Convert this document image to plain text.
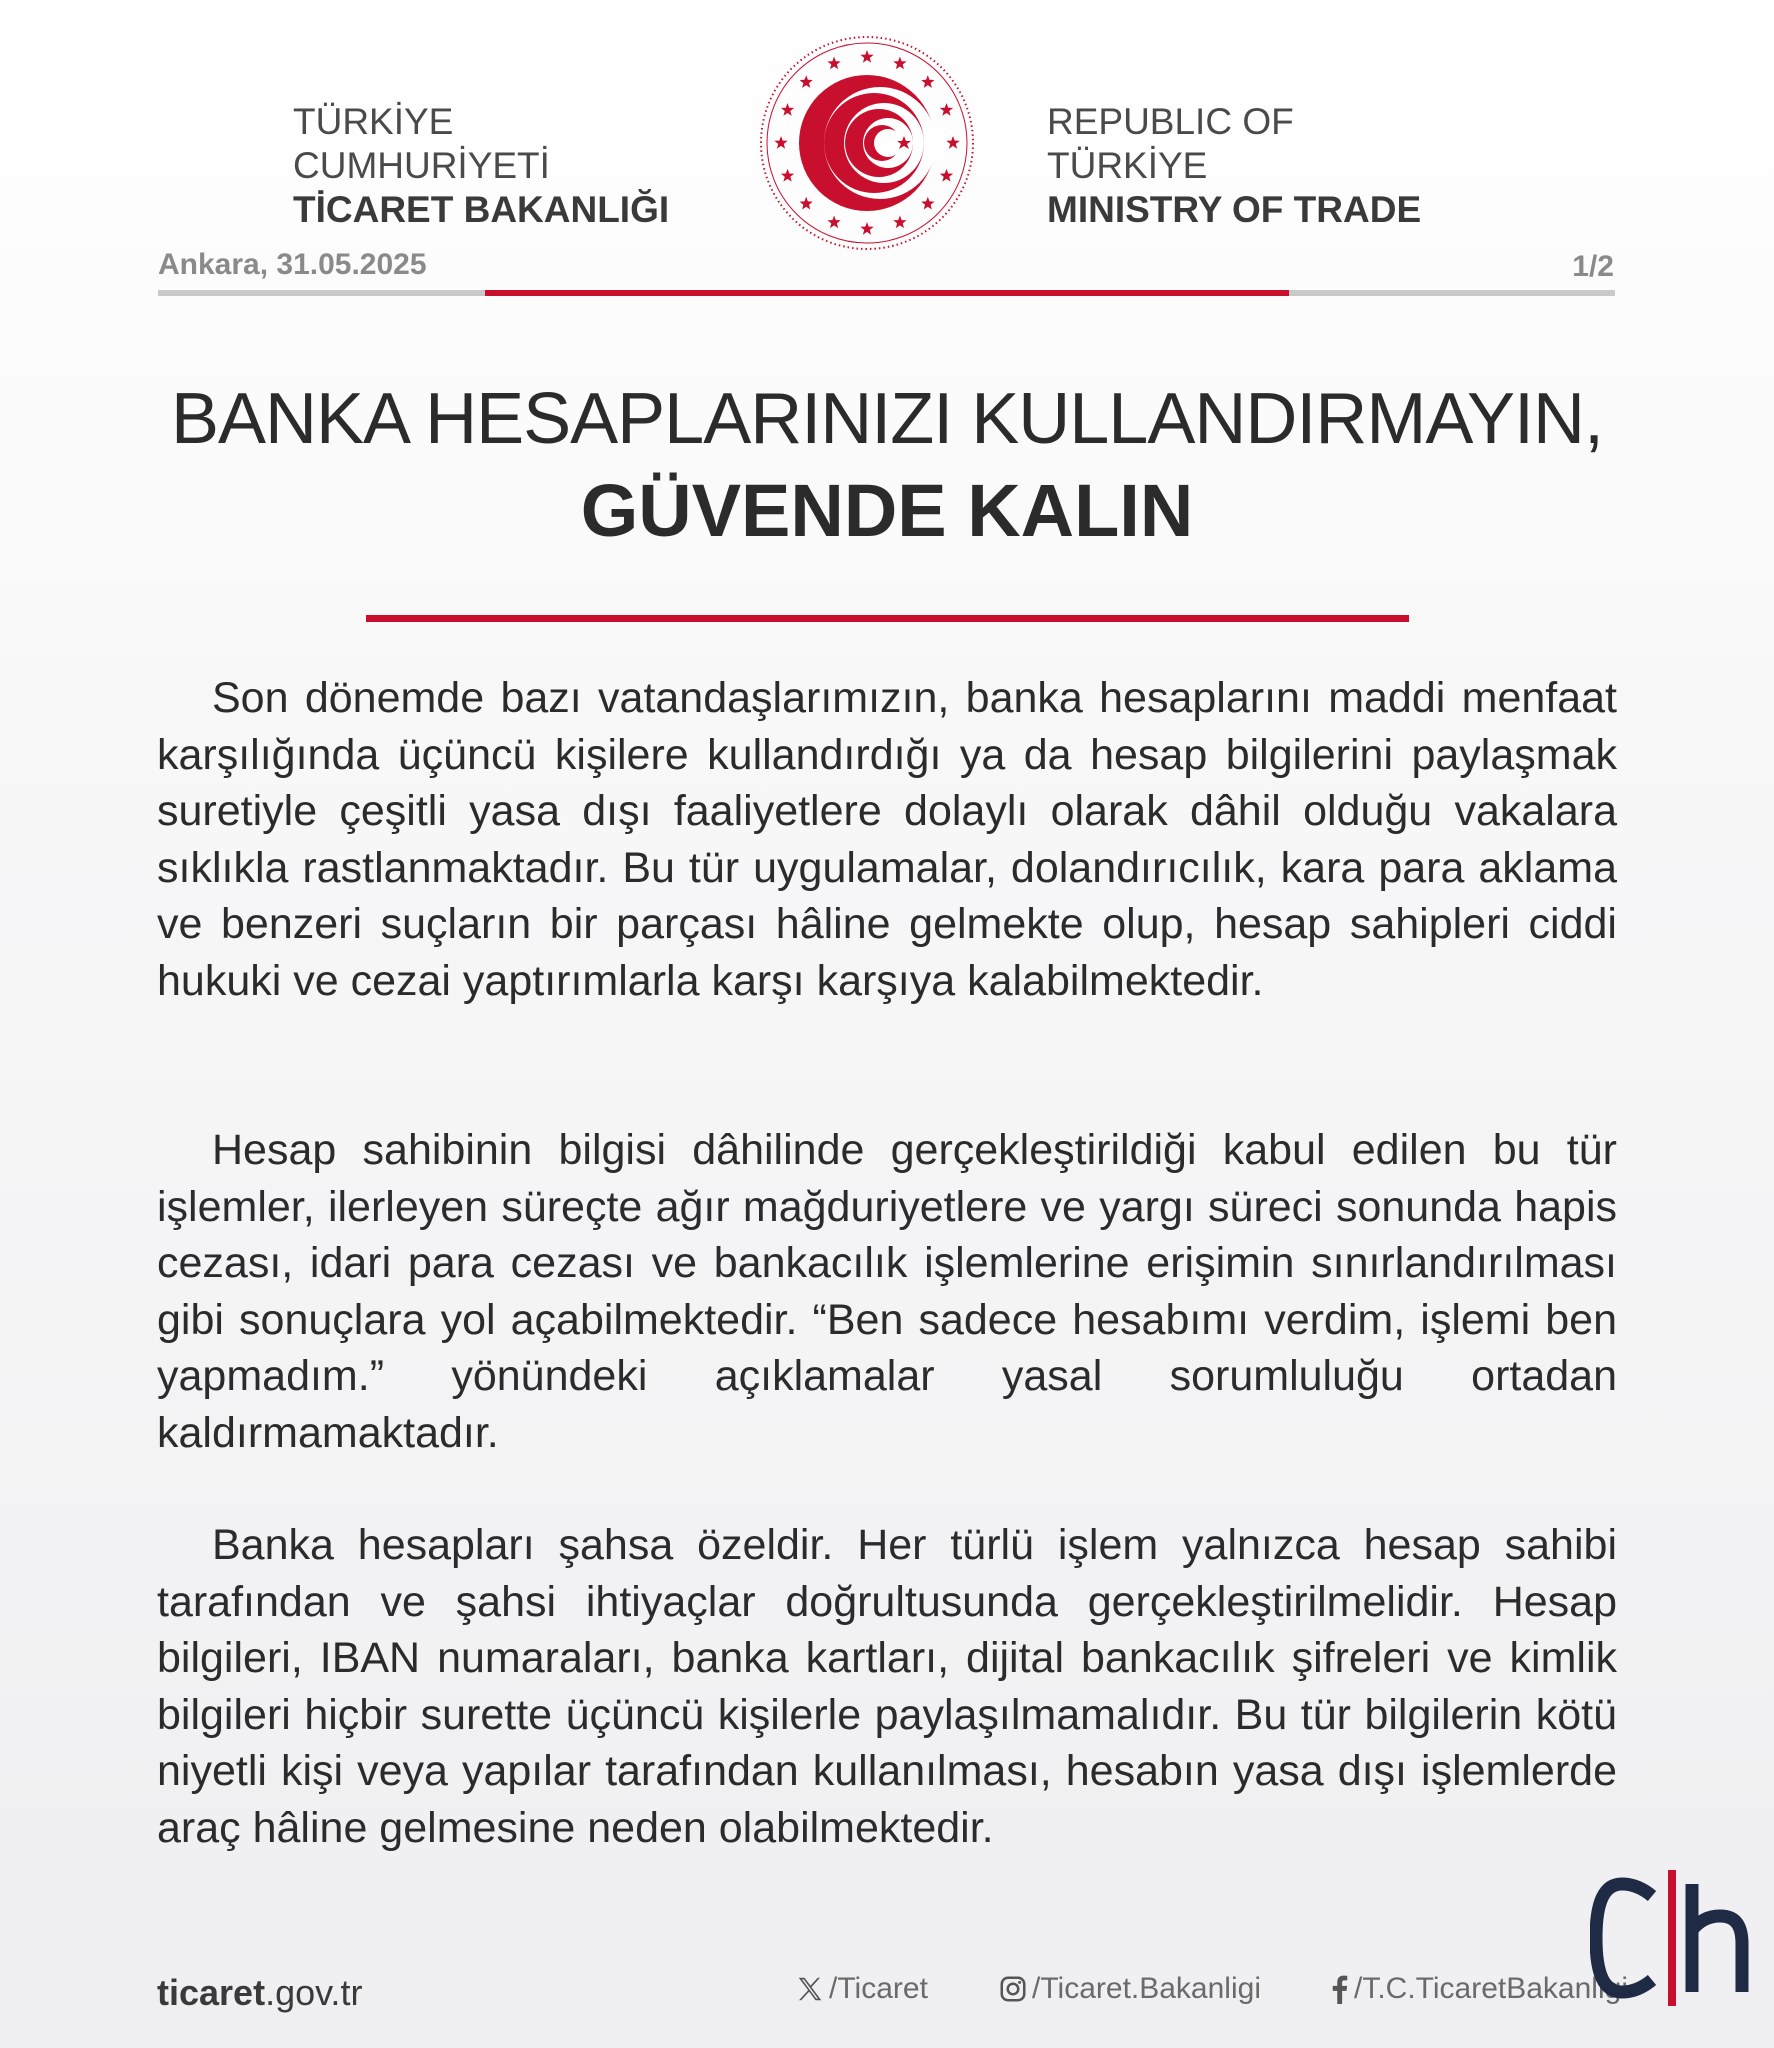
TÜRKİYE CUMHURİYETİ
TİCARET BAKANLIĞI
REPUBLIC OF TÜRKİYE
MINISTRY OF TRADE
Ankara, 31.05.2025	1/2
BANKA HESAPLARINIZI KULLANDIRMAYIN,
GÜVENDE KALIN

Son dönemde bazı vatandaşlarımızın, banka hesaplarını maddi menfaat karşılığında üçüncü kişilere kullandırdığı ya da hesap bilgilerini paylaşmak suretiyle çeşitli yasa dışı faaliyetlere dolaylı olarak dâhil olduğu vakalara sıklıkla rastlanmaktadır. Bu tür uygulamalar, dolandırıcılık, kara para aklama ve benzeri suçların bir parçası hâline gelmekte olup, hesap sahipleri ciddi hukuki ve cezai yaptırımlarla karşı karşıya kalabilmektedir.

Hesap sahibinin bilgisi dâhilinde gerçekleştirildiği kabul edilen bu tür işlemler, ilerleyen süreçte ağır mağduriyetlere ve yargı süreci sonunda hapis cezası, idari para cezası ve bankacılık işlemlerine erişimin sınırlandırılması gibi sonuçlara yol açabilmektedir. “Ben sadece hesabımı verdim, işlemi ben yapmadım.” yönündeki açıklamalar yasal sorumluluğu ortadan kaldırmamaktadır.

Banka hesapları şahsa özeldir. Her türlü işlem yalnızca hesap sahibi tarafından ve şahsi ihtiyaçlar doğrultusunda gerçekleştirilmelidir. Hesap bilgileri, IBAN numaraları, banka kartları, dijital bankacılık şifreleri ve kimlik bilgileri hiçbir surette üçüncü kişilerle paylaşılmamalıdır. Bu tür bilgilerin kötü niyetli kişi veya yapılar tarafından kullanılması, hesabın yasa dışı işlemlerde araç hâline gelmesine neden olabilmektedir.

ticaret.gov.tr	/Ticaret	/Ticaret.Bakanligi	/T.C.TicaretBakanligi
